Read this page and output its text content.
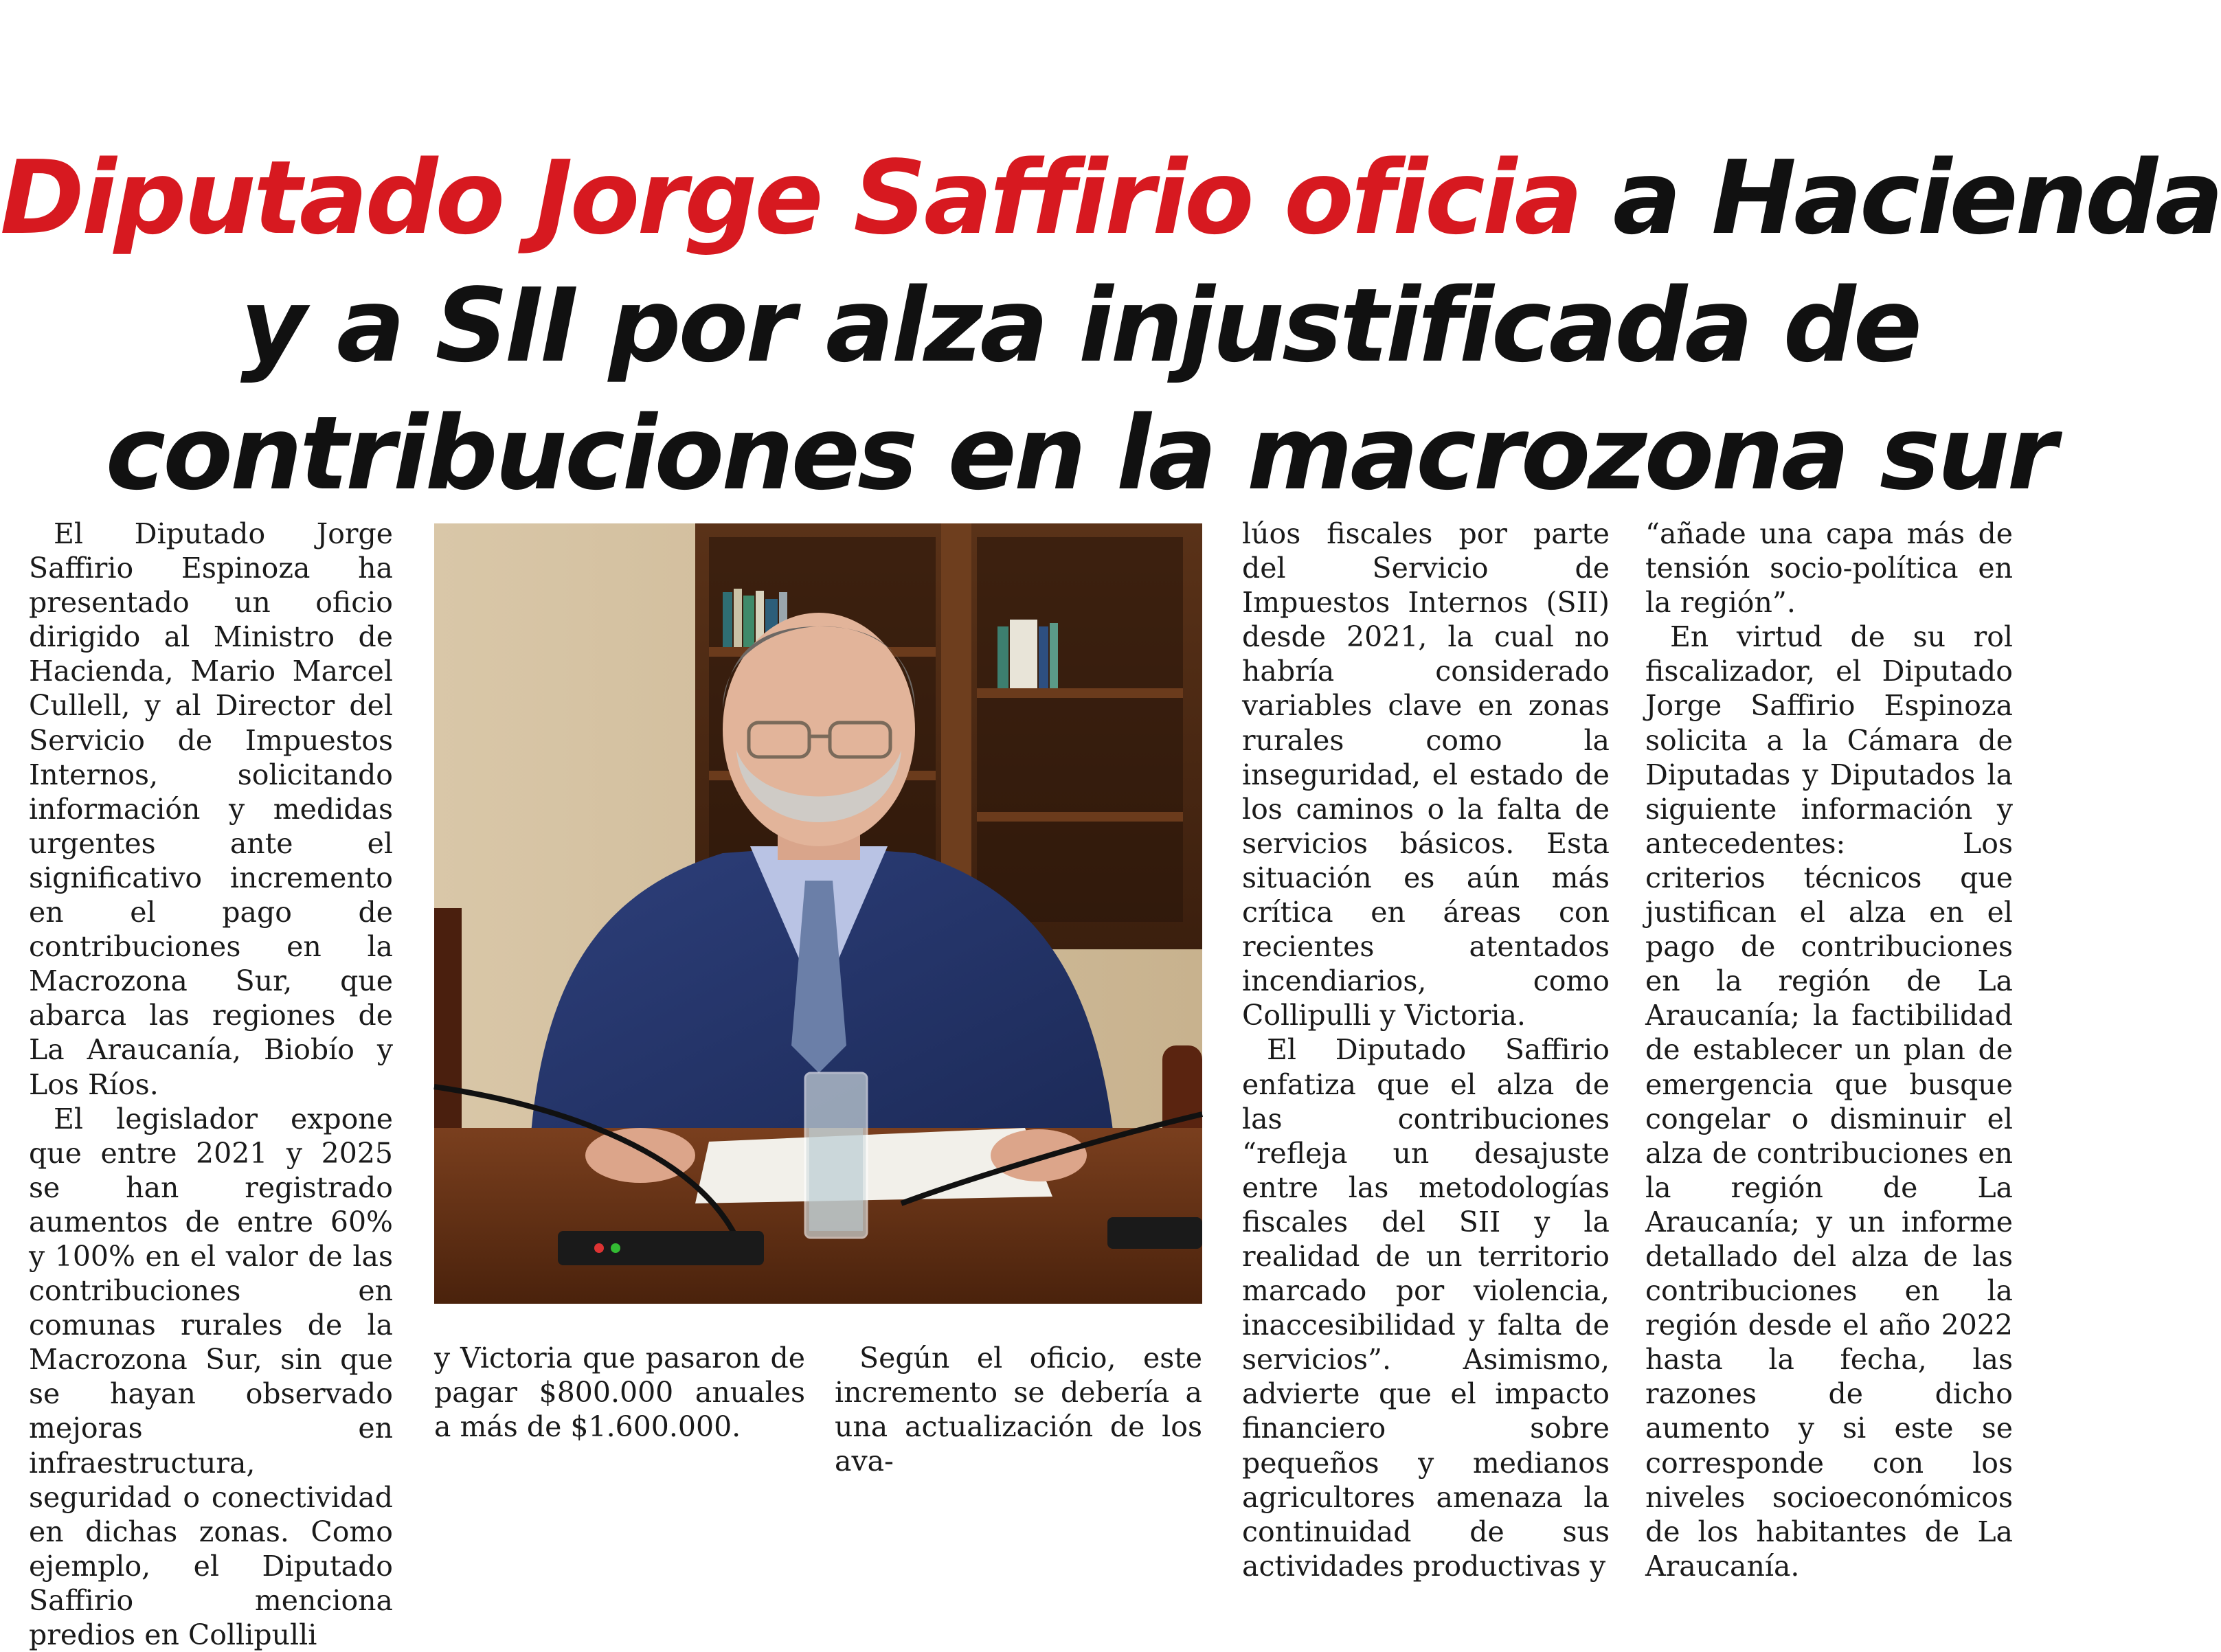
Diputado Jorge Saffirio oficia a Hacienda
y a SII por alza injustificada de
contribuciones en la macrozona sur

El Diputado Jorge Saffirio Espinoza ha presentado un oficio dirigido al Ministro de Hacienda, Mario Marcel Cullell, y al Director del Servicio de Impuestos Internos, solicitando información y medidas urgentes ante el significativo incremento en el pago de contribuciones en la Macrozona Sur, que abarca las regiones de La Araucanía, Biobío y Los Ríos.

El legislador expone que entre 2021 y 2025 se han registrado aumentos de entre 60% y 100% en el valor de las contribuciones en comunas rurales de la Macrozona Sur, sin que se hayan observado mejoras en infraestructura, seguridad o conectividad en dichas zonas. Como ejemplo, el Diputado Saffirio menciona predios en Collipulli

y Victoria que pasaron de pagar $800.000 anuales a más de $1.600.000.

Según el oficio, este incremento se debería a una actualización de los ava-

lúos fiscales por parte del Servicio de Impuestos Internos (SII) desde 2021, la cual no habría considerado variables clave en zonas rurales como la inseguridad, el estado de los caminos o la falta de servicios básicos. Esta situación es aún más crítica en áreas con recientes atentados incendiarios, como Collipulli y Victoria.

El Diputado Saffirio enfatiza que el alza de las contribuciones “refleja un desajuste entre las metodologías fiscales del SII y la realidad de un territorio marcado por violencia, inaccesibilidad y falta de servicios”. Asimismo, advierte que el impacto financiero sobre pequeños y medianos agricultores amenaza la continuidad de sus actividades productivas y

“añade una capa más de tensión socio-política en la región”.

En virtud de su rol fiscalizador, el Diputado Jorge Saffirio Espinoza solicita a la Cámara de Diputadas y Diputados la siguiente información y antecedentes: Los criterios técnicos que justifican el alza en el pago de contribuciones en la región de La Araucanía; la factibilidad de establecer un plan de emergencia que busque congelar o disminuir el alza de contribuciones en la región de La Araucanía; y un informe detallado del alza de las contribuciones en la región desde el año 2022 hasta la fecha, las razones de dicho aumento y si este se corresponde con los niveles socioeconómicos de los habitantes de La Araucanía.
